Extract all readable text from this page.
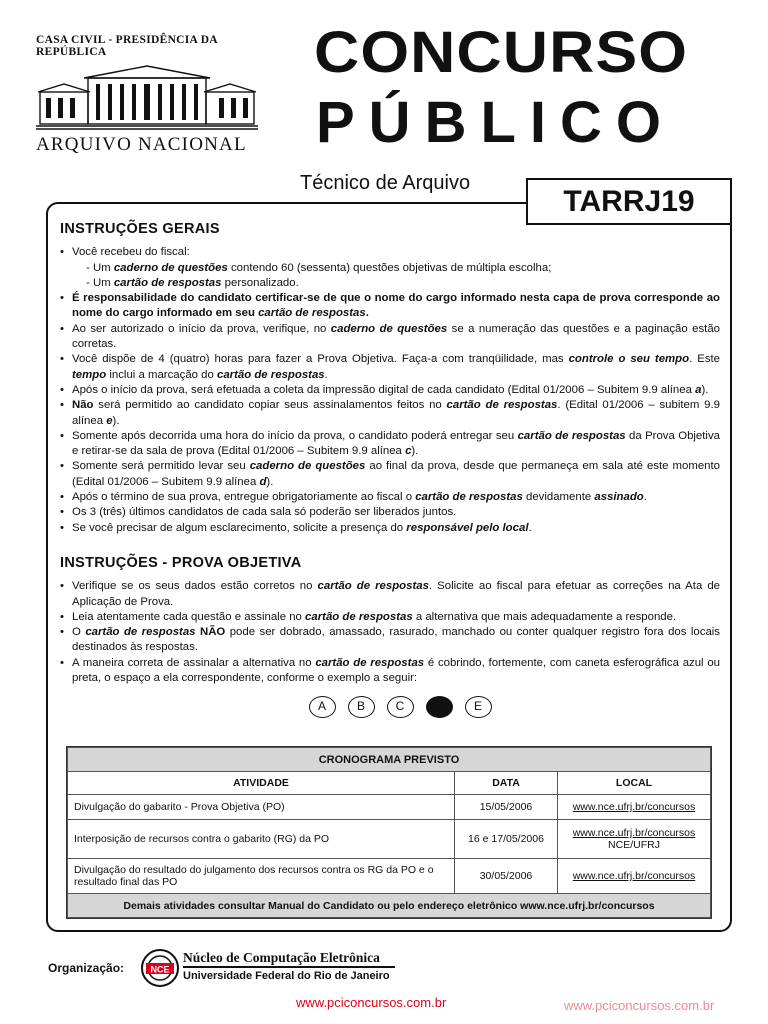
CASA CIVIL - PRESIDÊNCIA DA REPÚBLICA
ARQUIVO NACIONAL
CONCURSO
PÚBLICO
Técnico de Arquivo
TARRJ19
INSTRUÇÕES GERAIS
• Você recebeu do fiscal:
- Um caderno de questões contendo 60 (sessenta) questões objetivas de múltipla escolha;
- Um cartão de respostas personalizado.
• É responsabilidade do candidato certificar-se de que o nome do cargo informado nesta capa de prova corresponde ao nome do cargo informado em seu cartão de respostas.
• Ao ser autorizado o início da prova, verifique, no caderno de questões se a numeração das questões e a paginação estão corretas.
• Você dispõe de 4 (quatro) horas para fazer a Prova Objetiva. Faça-a com tranqüilidade, mas controle o seu tempo. Este tempo inclui a marcação do cartão de respostas.
• Após o início da prova, será efetuada a coleta da impressão digital de cada candidato (Edital 01/2006 – Subitem 9.9 alínea a).
• Não será permitido ao candidato copiar seus assinalamentos feitos no cartão de respostas. (Edital 01/2006 – subitem 9.9 alínea e).
• Somente após decorrida uma hora do início da prova, o candidato poderá entregar seu cartão de respostas da Prova Objetiva e retirar-se da sala de prova (Edital 01/2006 – Subitem 9.9 alínea c).
• Somente será permitido levar seu caderno de questões ao final da prova, desde que permaneça em sala até este momento (Edital 01/2006 – Subitem 9.9 alínea d).
• Após o término de sua prova, entregue obrigatoriamente ao fiscal o cartão de respostas devidamente assinado.
• Os 3 (três) últimos candidatos de cada sala só poderão ser liberados juntos.
• Se você precisar de algum esclarecimento, solicite a presença do responsável pelo local.
INSTRUÇÕES - PROVA OBJETIVA
• Verifique se os seus dados estão corretos no cartão de respostas. Solicite ao fiscal para efetuar as correções na Ata de Aplicação de Prova.
• Leia atentamente cada questão e assinale no cartão de respostas a alternativa que mais adequadamente a responde.
• O cartão de respostas NÃO pode ser dobrado, amassado, rasurado, manchado ou conter qualquer registro fora dos locais destinados às respostas.
• A maneira correta de assinalar a alternativa no cartão de respostas é cobrindo, fortemente, com caneta esferográfica azul ou preta, o espaço a ela correspondente, conforme o exemplo a seguir:
A	B	C	E
CRONOGRAMA PREVISTO		
ATIVIDADE	DATA	LOCAL
Divulgação do gabarito - Prova Objetiva (PO)	15/05/2006	www.nce.ufrj.br/concursos
Interposição de recursos contra o gabarito (RG) da PO	16 e 17/05/2006	www.nce.ufrj.br/concursos
NCE/UFRJ

Divulgação do resultado do julgamento dos recursos contra os RG da PO e o resultado final das PO	30/05/2006	www.nce.ufrj.br/concursos
Demais atividades consultar Manual do Candidato ou pelo endereço eletrônico www.nce.ufrj.br/concursos		
Organização:	NCE
Núcleo de Computação Eletrônica
Universidade Federal do Rio de Janeiro
www.pciconcursos.com.br	www.pciconcursos.com.br
